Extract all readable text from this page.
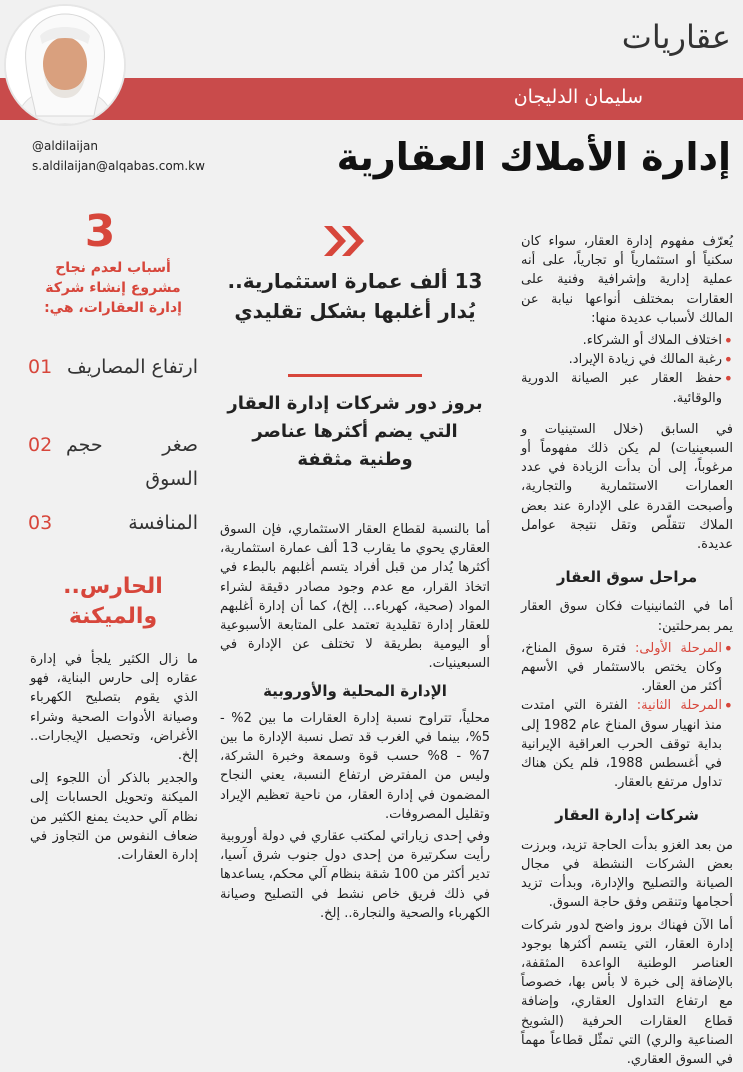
عقاريات
سليمان الدليجان
@aldilaijan
s.aldilaijan@alqabas.com.kw	إدارة الأملاك العقارية

يُعرّف مفهوم إدارة العقار، سواء كان سكنياً أو استثمارياً أو تجارياً، على أنه عملية إدارية وإشرافية وفنية على العقارات بمختلف أنواعها نيابة عن المالك لأسباب عديدة منها:

• اختلاف الملاك أو الشركاء.
• رغبة المالك في زيادة الإيراد.
• حفظ العقار عبر الصيانة الدورية والوقائية.

في السابق (خلال الستينيات و السبعينيات) لم يكن ذلك مفهوماً أو مرغوباً، إلى أن بدأت الزيادة في عدد العمارات الاستثمارية والتجارية، وأصبحت القدرة على الإدارة عند بعض الملاك تتقلّص وتقل نتيجة عوامل عديدة.

مراحل سوق العقار

أما في الثمانينيات فكان سوق العقار يمر بمرحلتين:

• المرحلة الأولى: فترة سوق المناخ، وكان يختص بالاستثمار في الأسهم أكثر من العقار.
• المرحلة الثانية: الفترة التي امتدت منذ انهيار سوق المناخ عام 1982 إلى بداية توقف الحرب العراقية الإيرانية في أغسطس 1988، فلم يكن هناك تداول مرتفع بالعقار.
شركات إدارة العقار

من بعد الغزو بدأت الحاجة تزيد، وبرزت بعض الشركات النشطة في مجال الصيانة والتصليح والإدارة، وبدأت تزيد أحجامها وتنقص وفق حاجة السوق.

أما الآن فهناك بروز واضح لدور شركات إدارة العقار، التي يتسم أكثرها بوجود العناصر الوطنية الواعدة المثقفة، بالإضافة إلى خبرة لا بأس بها، خصوصاً مع ارتفاع التداول العقاري، وإضافة قطاع العقارات الحرفية (الشويخ الصناعية والري) التي تمثّل قطاعاً مهماً في السوق العقاري.

13 ألف عمارة استثمارية.. يُدار أغلبها بشكل تقليدي
بروز دور شركات إدارة العقار التي يضم أكثرها عناصر وطنية مثقفة

أما بالنسبة لقطاع العقار الاستثماري، فإن السوق العقاري يحوي ما يقارب 13 ألف عمارة استثمارية، أكثرها يُدار من قبل أفراد يتسم أغلبهم بالبطء في اتخاذ القرار، مع عدم وجود مصادر دقيقة لشراء المواد (صحية، كهرباء... إلخ)، كما أن إدارة أغلبهم للعقار إدارة تقليدية تعتمد على المتابعة الأسبوعية أو اليومية بطريقة لا تختلف عن الإدارة في السبعينيات.

الإدارة المحلية والأوروبية

محلياً، تتراوح نسبة إدارة العقارات ما بين 2% - 5%، بينما في الغرب قد تصل نسبة الإدارة ما بين 7% - 8% حسب قوة وسمعة وخبرة الشركة، وليس من المفترض ارتفاع النسبة، يعني النجاح المضمون في إدارة العقار، من ناحية تعظيم الإيراد وتقليل المصروفات.

وفي إحدى زياراتي لمكتب عقاري في دولة أوروبية رأيت سكرتيرة من إحدى دول جنوب شرق آسيا، تدير أكثر من 100 شقة بنظام آلي محكم، يساعدها في ذلك فريق خاص نشط في التصليح وصيانة الكهرباء والصحية والنجارة.. إلخ.

3
أسباب لعدم نجاح مشروع إنشاء شركة إدارة العقارات، هي:
01 ارتفاع المصاريف
02 صغر حجم السوق
03	المنافسة
الحارس.. والميكنة

ما زال الكثير يلجأ في إدارة عقاره إلى حارس البناية، فهو الذي يقوم بتصليح الكهرباء وصيانة الأدوات الصحية وشراء الأغراض، وتحصيل الإيجارات.. إلخ.

والجدير بالذكر أن اللجوء إلى الميكنة وتحويل الحسابات إلى نظام آلي حديث يمنع الكثير من ضعاف النفوس من التجاوز في إدارة العقارات.
